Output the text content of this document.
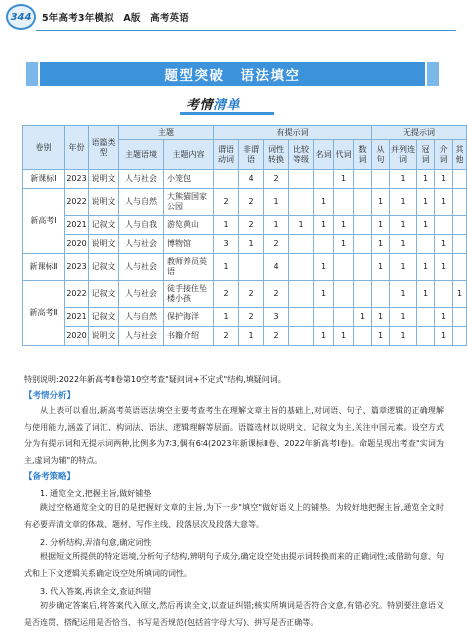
344	5年高考3年模拟 A版 高考英语
题型突破 语法填空
考情 清单
卷别	年份	语篇类型	主题		有提示词							无提示词				
			主题语境	主题内容	谓语动词	非谓语	词性转换	比较等级	名词	代词	数词	从句	并列连词	冠词	介词	其他

新课标Ⅰ	2023	说明文	人与社会	小笼包		4	2			1			1	1	1	
新高考Ⅰ	2022	说明文	人与自然	大熊猫国家公园	2	2	1		1			1	1	1	1	
	2021	记叙文	人与自我	游览黄山	1	2	1	1	1	1		1	1	1		
	2020	说明文	人与社会	博物馆	3	1	2			1		1	1		1	
新课标Ⅱ	2023	记叙文	人与社会	教师养员英语	1		4		1			1	1	1	1	
新高考Ⅱ	2022	记叙文	人与社会	徒手接住坠楼小孩	2	2	2		1				1	1		1
	2021	记叙文	人与自然	保护海洋	1	2	3				1	1	1		1	
	2020	说明文	人与社会	书籍介绍	2	1	2		1	1		1	1		1	
特别说明:2022年新高考Ⅱ卷第10空考查"疑问词+不定式"结构,填疑问词。
【考情分析】
从上表可以看出,新高考英语语法填空主要考查考生在理解文章主旨的基础上,对词语、句子、篇章逻辑的正确理解与使用能力,涵盖了词汇、构词法、语法、逻辑理解等层面。语篇选材以说明文、记叙文为主,关注中国元素。设空方式分为有提示词和无提示词两种,比例多为7∶3,偶有6∶4(2023年新课标Ⅱ卷、2022年新高考Ⅰ卷)。命题呈现出考查"实词为主,虚词为辅"的特点。
【备考策略】
1. 通览全文,把握主旨,做好铺垫
跳过空格通览全文的目的是把握好文章的主旨,为下一步"填空"做好语义上的铺垫。为较好地把握主旨,通览全文时有必要弄清文章的体裁、题材、写作主线、段落层次及段落大意等。
2. 分析结构,弄清句意,确定词性
根据短文所提供的特定语境,分析句子结构,辨明句子成分,确定设空处由提示词转换而来的正确词性;或借助句意、句式和上下文逻辑关系确定设空处所填词的词性。
3. 代入答案,再读全文,查证纠错
初步确定答案后,将答案代入原文,然后再读全文,以查证纠错;核实所填词是否符合文意,有错必究。特别要注意语义是否连贯、搭配运用是否恰当、书写是否规范(包括首字母大写)、拼写是否正确等。
